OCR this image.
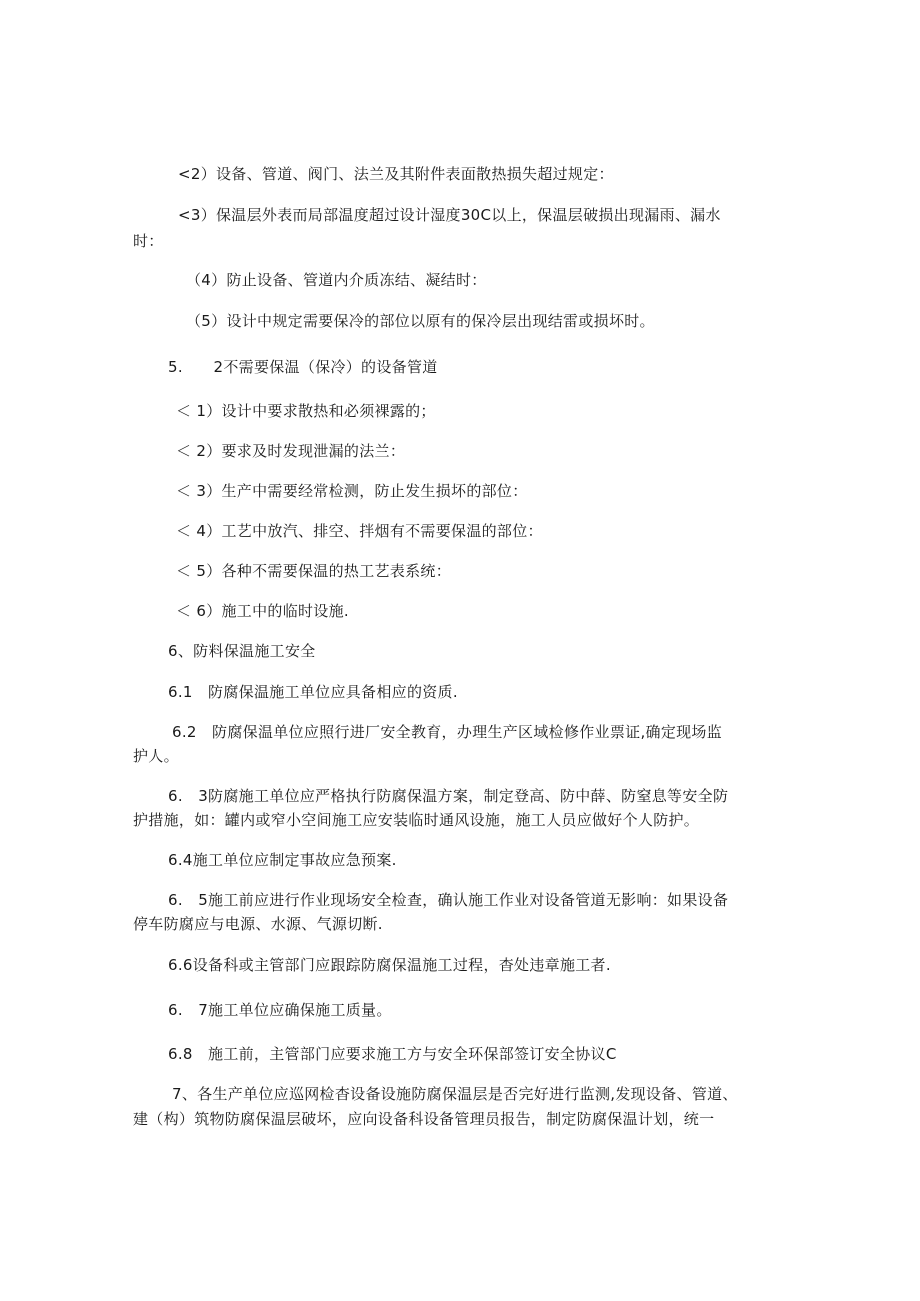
<2）设备、管道、阀门、法兰及其附件表面散热损失超过规定：
<3）保温层外表而局部温度超过设计湿度30C以上，保温层破损出现漏雨、漏水
时：
（4）防止设备、管道内介质冻结、凝结时：
（5）设计中规定需要保冷的部位以原有的保冷层出现结雷或损坏时。
5.　　2不需要保温（保冷）的设备管道
＜ 1）设计中要求散热和必须裸露的；
＜ 2）要求及时发现泄漏的法兰：
＜ 3）生产中需要经常检测，防止发生损坏的部位：
＜ 4）工艺中放汽、排空、拌烟有不需要保温的部位：
＜ 5）各种不需要保温的热工艺表系统：
＜ 6）施工中的临时设施.
6、防料保温施工安全
6.1　防腐保温施工单位应具备相应的资质.
6.2　防腐保温单位应照行进厂安全教育，办理生产区域检修作业票证,确定现场监
护人。
6.　3防腐施工单位应严格执行防腐保温方案，制定登高、防中薛、防窒息等安全防
护措施，如：罐内或窄小空间施工应安装临时通风设施，施工人员应做好个人防护。
6.4施工单位应制定事故应急预案.
6.　5施工前应进行作业现场安全检查，确认施工作业对设备管道无影响：如果设备
停车防腐应与电源、水源、气源切断.
6.6设备科或主管部门应跟踪防腐保温施工过程，杳处违章施工者.
6.　7施工单位应确保施工质量。
6.8　施工前，主管部门应要求施工方与安全环保部签订安全协议C
7、各生产单位应巡网检杳设备设施防腐保温层是否完好进行监测,发现设备、管道、
建（构）筑物防腐保温层破坏，应向设备科设备管理员报告，制定防腐保温计划，统一
